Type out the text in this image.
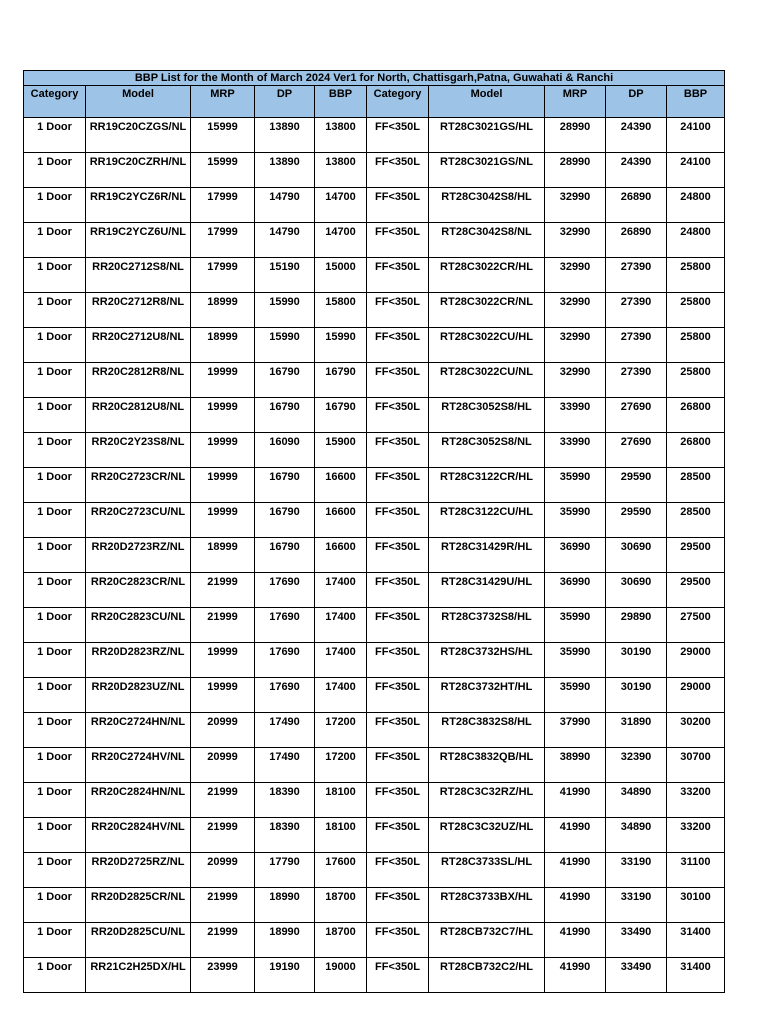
BBP List for the Month of March 2024 Ver1 for North, Chattisgarh,Patna, Guwahati & Ranchi									
Category	Model	MRP	DP	BBP	Category	Model	MRP	DP	BBP
1 Door	RR19C20CZGS/NL	15999	13890	13800	FF<350L	RT28C3021GS/HL	28990	24390	24100
1 Door	RR19C20CZRH/NL	15999	13890	13800	FF<350L	RT28C3021GS/NL	28990	24390	24100
1 Door	RR19C2YCZ6R/NL	17999	14790	14700	FF<350L	RT28C3042S8/HL	32990	26890	24800
1 Door	RR19C2YCZ6U/NL	17999	14790	14700	FF<350L	RT28C3042S8/NL	32990	26890	24800
1 Door	RR20C2712S8/NL	17999	15190	15000	FF<350L	RT28C3022CR/HL	32990	27390	25800
1 Door	RR20C2712R8/NL	18999	15990	15800	FF<350L	RT28C3022CR/NL	32990	27390	25800
1 Door	RR20C2712U8/NL	18999	15990	15990	FF<350L	RT28C3022CU/HL	32990	27390	25800
1 Door	RR20C2812R8/NL	19999	16790	16790	FF<350L	RT28C3022CU/NL	32990	27390	25800
1 Door	RR20C2812U8/NL	19999	16790	16790	FF<350L	RT28C3052S8/HL	33990	27690	26800
1 Door	RR20C2Y23S8/NL	19999	16090	15900	FF<350L	RT28C3052S8/NL	33990	27690	26800
1 Door	RR20C2723CR/NL	19999	16790	16600	FF<350L	RT28C3122CR/HL	35990	29590	28500
1 Door	RR20C2723CU/NL	19999	16790	16600	FF<350L	RT28C3122CU/HL	35990	29590	28500
1 Door	RR20D2723RZ/NL	18999	16790	16600	FF<350L	RT28C31429R/HL	36990	30690	29500
1 Door	RR20C2823CR/NL	21999	17690	17400	FF<350L	RT28C31429U/HL	36990	30690	29500
1 Door	RR20C2823CU/NL	21999	17690	17400	FF<350L	RT28C3732S8/HL	35990	29890	27500
1 Door	RR20D2823RZ/NL	19999	17690	17400	FF<350L	RT28C3732HS/HL	35990	30190	29000
1 Door	RR20D2823UZ/NL	19999	17690	17400	FF<350L	RT28C3732HT/HL	35990	30190	29000
1 Door	RR20C2724HN/NL	20999	17490	17200	FF<350L	RT28C3832S8/HL	37990	31890	30200
1 Door	RR20C2724HV/NL	20999	17490	17200	FF<350L	RT28C3832QB/HL	38990	32390	30700
1 Door	RR20C2824HN/NL	21999	18390	18100	FF<350L	RT28C3C32RZ/HL	41990	34890	33200
1 Door	RR20C2824HV/NL	21999	18390	18100	FF<350L	RT28C3C32UZ/HL	41990	34890	33200
1 Door	RR20D2725RZ/NL	20999	17790	17600	FF<350L	RT28C3733SL/HL	41990	33190	31100
1 Door	RR20D2825CR/NL	21999	18990	18700	FF<350L	RT28C3733BX/HL	41990	33190	30100
1 Door	RR20D2825CU/NL	21999	18990	18700	FF<350L	RT28CB732C7/HL	41990	33490	31400
1 Door	RR21C2H25DX/HL	23999	19190	19000	FF<350L	RT28CB732C2/HL	41990	33490	31400
